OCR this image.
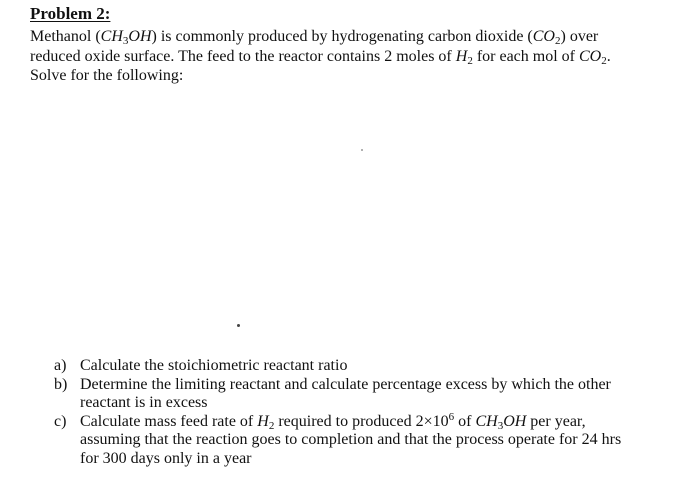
Problem 2:

Methanol $(CH_3OH)$ is commonly produced by hydrogenating carbon dioxide $(CO_2)$ over
reduced oxide surface. The feed to the reactor contains 2 moles of $H_2$ for each mol of $CO_2$.
Solve for the following:

a) Calculate the stoichiometric reactant ratio
b) Determine the limiting reactant and calculate percentage excess by which the other
reactant is in excess
c) Calculate mass feed rate of $H_2$ required to produced $2\times 10^6$ of $CH_3OH$ per year,
assuming that the reaction goes to completion and that the process operate for 24 hrs
for 300 days only in a year
